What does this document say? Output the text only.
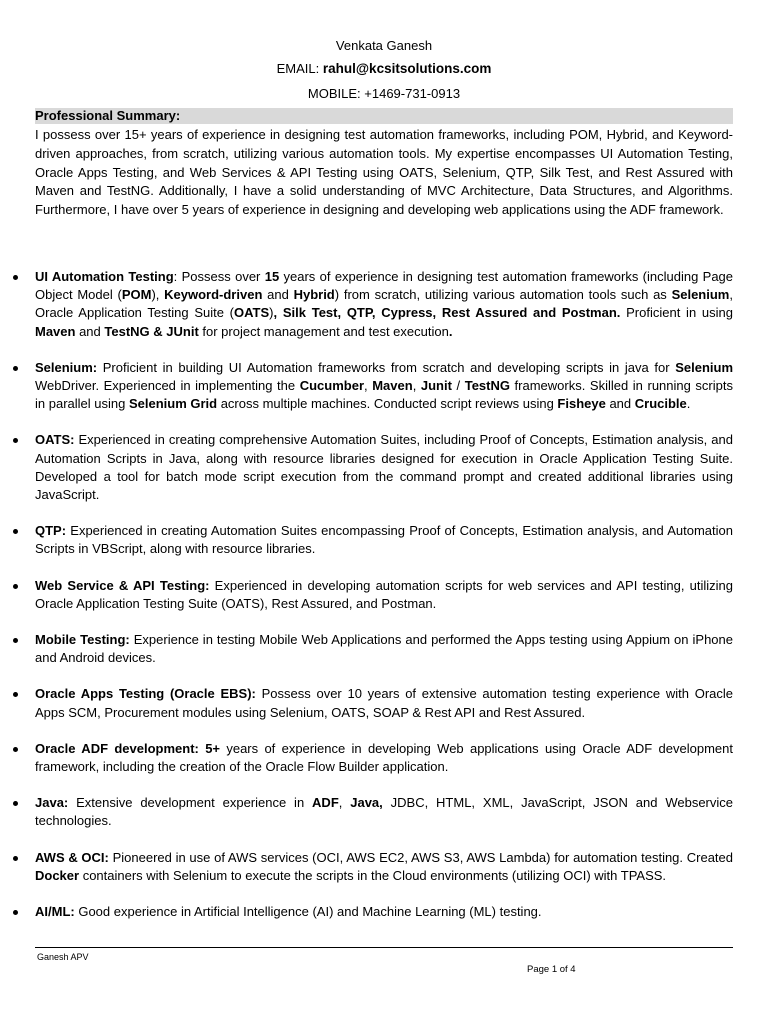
Venkata Ganesh
EMAIL: rahul@kcsitsolutions.com
MOBILE: +1469-731-0913
Professional Summary:
I possess over 15+ years of experience in designing test automation frameworks, including POM, Hybrid, and Keyword-driven approaches, from scratch, utilizing various automation tools. My expertise encompasses UI Automation Testing, Oracle Apps Testing, and Web Services & API Testing using OATS, Selenium, QTP, Silk Test, and Rest Assured with Maven and TestNG. Additionally, I have a solid understanding of MVC Architecture, Data Structures, and Algorithms. Furthermore, I have over 5 years of experience in designing and developing web applications using the ADF framework.
UI Automation Testing: Possess over 15 years of experience in designing test automation frameworks (including Page Object Model (POM), Keyword-driven and Hybrid) from scratch, utilizing various automation tools such as Selenium, Oracle Application Testing Suite (OATS), Silk Test, QTP, Cypress, Rest Assured and Postman. Proficient in using Maven and TestNG & JUnit for project management and test execution.
Selenium: Proficient in building UI Automation frameworks from scratch and developing scripts in java for Selenium WebDriver. Experienced in implementing the Cucumber, Maven, Junit / TestNG frameworks. Skilled in running scripts in parallel using Selenium Grid across multiple machines. Conducted script reviews using Fisheye and Crucible.
OATS: Experienced in creating comprehensive Automation Suites, including Proof of Concepts, Estimation analysis, and Automation Scripts in Java, along with resource libraries designed for execution in Oracle Application Testing Suite. Developed a tool for batch mode script execution from the command prompt and created additional libraries using JavaScript.
QTP: Experienced in creating Automation Suites encompassing Proof of Concepts, Estimation analysis, and Automation Scripts in VBScript, along with resource libraries.
Web Service & API Testing: Experienced in developing automation scripts for web services and API testing, utilizing Oracle Application Testing Suite (OATS), Rest Assured, and Postman.
Mobile Testing: Experience in testing Mobile Web Applications and performed the Apps testing using Appium on iPhone and Android devices.
Oracle Apps Testing (Oracle EBS): Possess over 10 years of extensive automation testing experience with Oracle Apps SCM, Procurement modules using Selenium, OATS, SOAP & Rest API and Rest Assured.
Oracle ADF development: 5+ years of experience in developing Web applications using Oracle ADF development framework, including the creation of the Oracle Flow Builder application.
Java: Extensive development experience in ADF, Java, JDBC, HTML, XML, JavaScript, JSON and Webservice technologies.
AWS & OCI: Pioneered in use of AWS services (OCI, AWS EC2, AWS S3, AWS Lambda) for automation testing. Created Docker containers with Selenium to execute the scripts in the Cloud environments (utilizing OCI) with TPASS.
AI/ML: Good experience in Artificial Intelligence (AI) and Machine Learning (ML) testing.
Ganesh APV
Page 1 of 4
